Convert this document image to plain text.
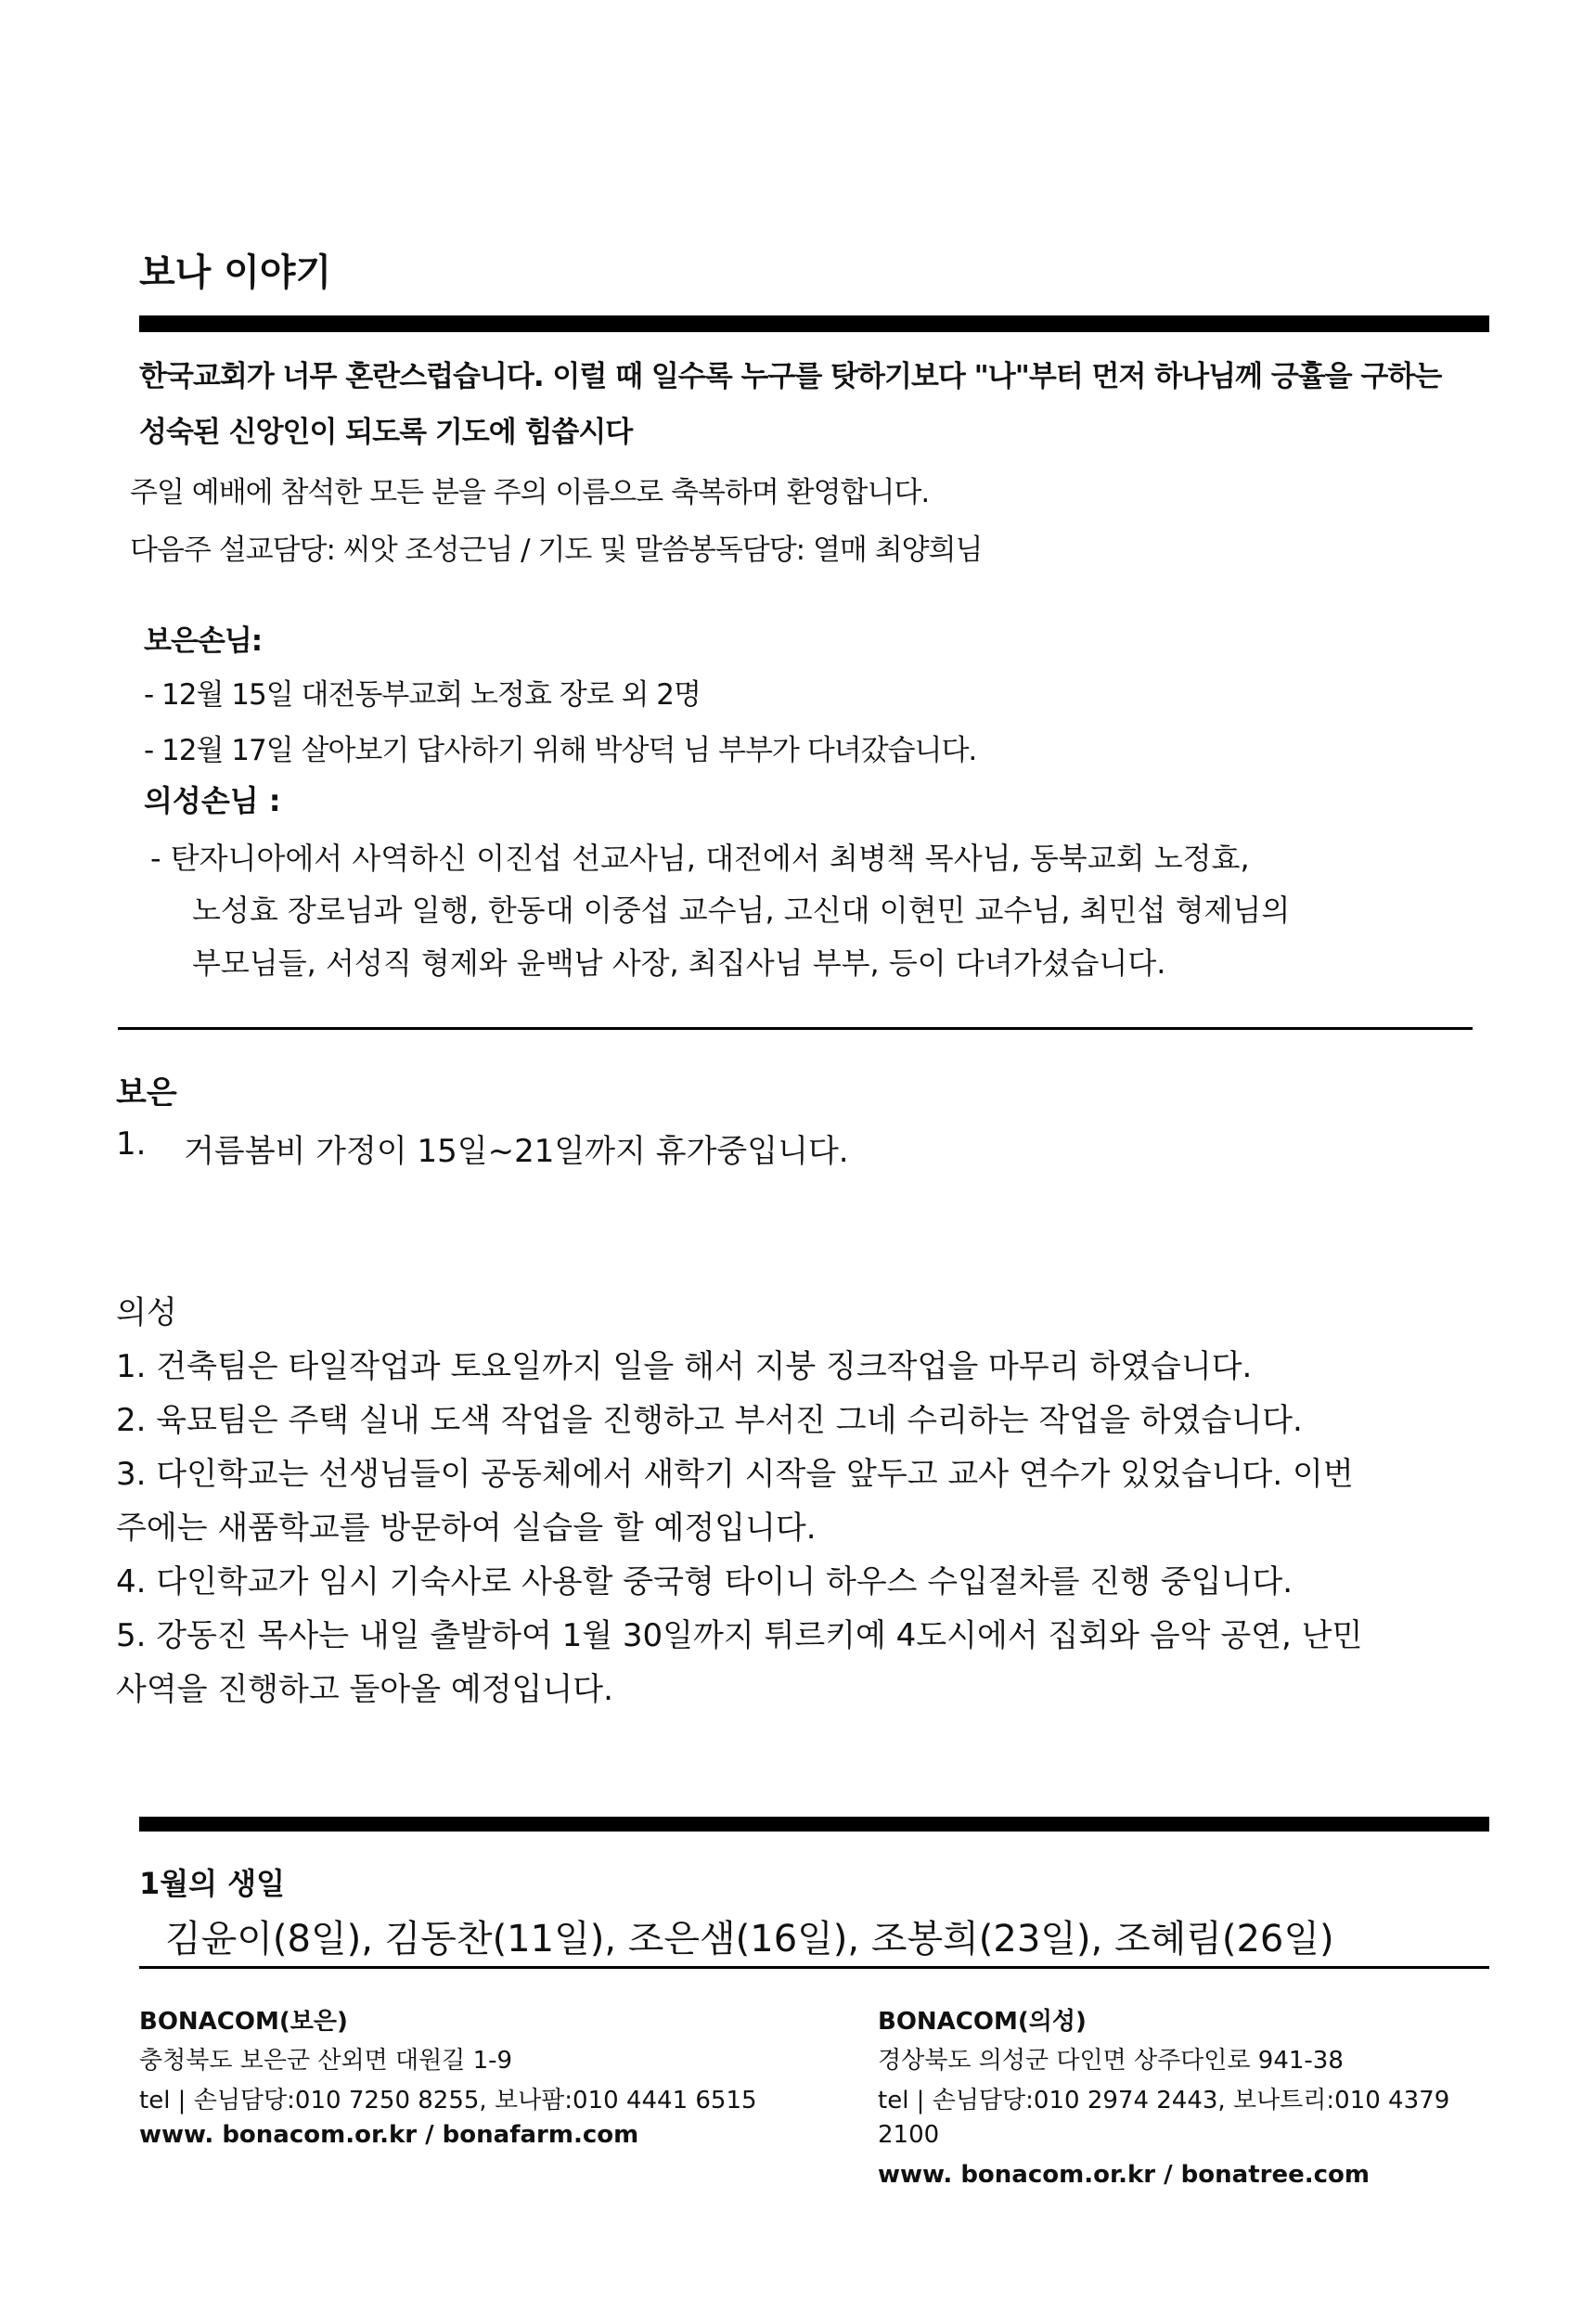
보나 이야기
한국교회가 너무 혼란스럽습니다. 이럴 때 일수록 누구를 탓하기보다 "나"부터 먼저 하나님께 긍휼을 구하는
성숙된 신앙인이 되도록 기도에 힘씁시다
주일 예배에 참석한 모든 분을 주의 이름으로 축복하며 환영합니다.
다음주 설교담당: 씨앗 조성근님 / 기도 및 말씀봉독담당: 열매 최양희님
보은손님:
- 12월 15일 대전동부교회 노정효 장로 외 2명
- 12월 17일 살아보기 답사하기 위해 박상덕 님 부부가 다녀갔습니다.
의성손님 :
- 탄자니아에서 사역하신 이진섭 선교사님, 대전에서 최병책 목사님, 동북교회 노정효,
노성효 장로님과 일행, 한동대 이중섭 교수님, 고신대 이현민 교수님, 최민섭 형제님의
부모님들, 서성직 형제와 윤백남 사장, 최집사님 부부, 등이 다녀가셨습니다.
보은
1. 거름봄비 가정이 15일~21일까지 휴가중입니다.
의성
1. 건축팀은 타일작업과 토요일까지 일을 해서 지붕 징크작업을 마무리 하였습니다.
2. 육묘팀은 주택 실내 도색 작업을 진행하고 부서진 그네 수리하는 작업을 하였습니다.
3. 다인학교는 선생님들이 공동체에서 새학기 시작을 앞두고 교사 연수가 있었습니다. 이번
주에는 새품학교를 방문하여 실습을 할 예정입니다.
4. 다인학교가 임시 기숙사로 사용할 중국형 타이니 하우스 수입절차를 진행 중입니다.
5. 강동진 목사는 내일 출발하여 1월 30일까지 튀르키예 4도시에서 집회와 음악 공연, 난민
사역을 진행하고 돌아올 예정입니다.
1월의 생일
김윤이(8일), 김동찬(11일), 조은샘(16일), 조봉희(23일), 조혜림(26일)
BONACOM(보은)
충청북도 보은군 산외면 대원길 1-9
tel | 손님담당:010 7250 8255, 보나팜:010 4441 6515
www. bonacom.or.kr / bonafarm.com
BONACOM(의성)
경상북도 의성군 다인면 상주다인로 941-38
tel | 손님담당:010 2974 2443, 보나트리:010 4379
2100
www. bonacom.or.kr / bonatree.com
